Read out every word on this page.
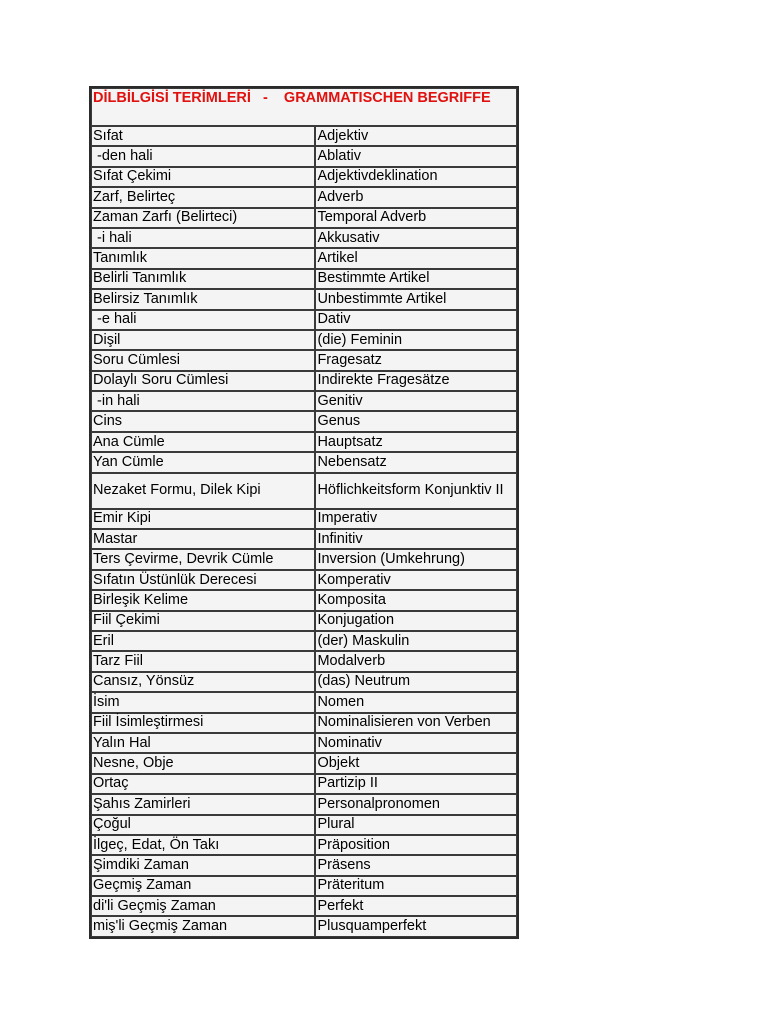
DİLBİLGİSİ TERİMLERİ   -    GRAMMATISCHEN BEGRIFFE	
Sıfat	Adjektiv
-den hali	Ablativ
Sıfat Çekimi	Adjektivdeklination
Zarf, Belirteç	Adverb
Zaman Zarfı (Belirteci)	Temporal Adverb
-i hali	Akkusativ
Tanımlık	Artikel
Belirli Tanımlık	Bestimmte Artikel
Belirsiz Tanımlık	Unbestimmte Artikel
-e hali	Dativ
Dişil	(die) Feminin
Soru Cümlesi	Fragesatz
Dolaylı Soru Cümlesi	Indirekte Fragesätze
-in hali	Genitiv
Cins	Genus
Ana Cümle	Hauptsatz
Yan Cümle	Nebensatz
Nezaket Formu, Dilek Kipi	Höflichkeitsform Konjunktiv II
Emir Kipi	Imperativ
Mastar	Infinitiv
Ters Çevirme, Devrik Cümle	Inversion (Umkehrung)
Sıfatın Üstünlük Derecesi	Komperativ
Birleşik Kelime	Komposita
Fiil Çekimi	Konjugation
Eril	(der) Maskulin
Tarz Fiil	Modalverb
Cansız, Yönsüz	(das) Neutrum
İsim	Nomen
Fiil İsimleştirmesi	Nominalisieren von Verben
Yalın Hal	Nominativ
Nesne, Obje	Objekt
Ortaç	Partizip II
Şahıs Zamirleri	Personalpronomen
Çoğul	Plural
İlgeç, Edat, Ön Takı	Präposition
Şimdiki Zaman	Präsens
Geçmiş Zaman	Präteritum
di'li Geçmiş Zaman	Perfekt
miş'li Geçmiş Zaman	Plusquamperfekt
